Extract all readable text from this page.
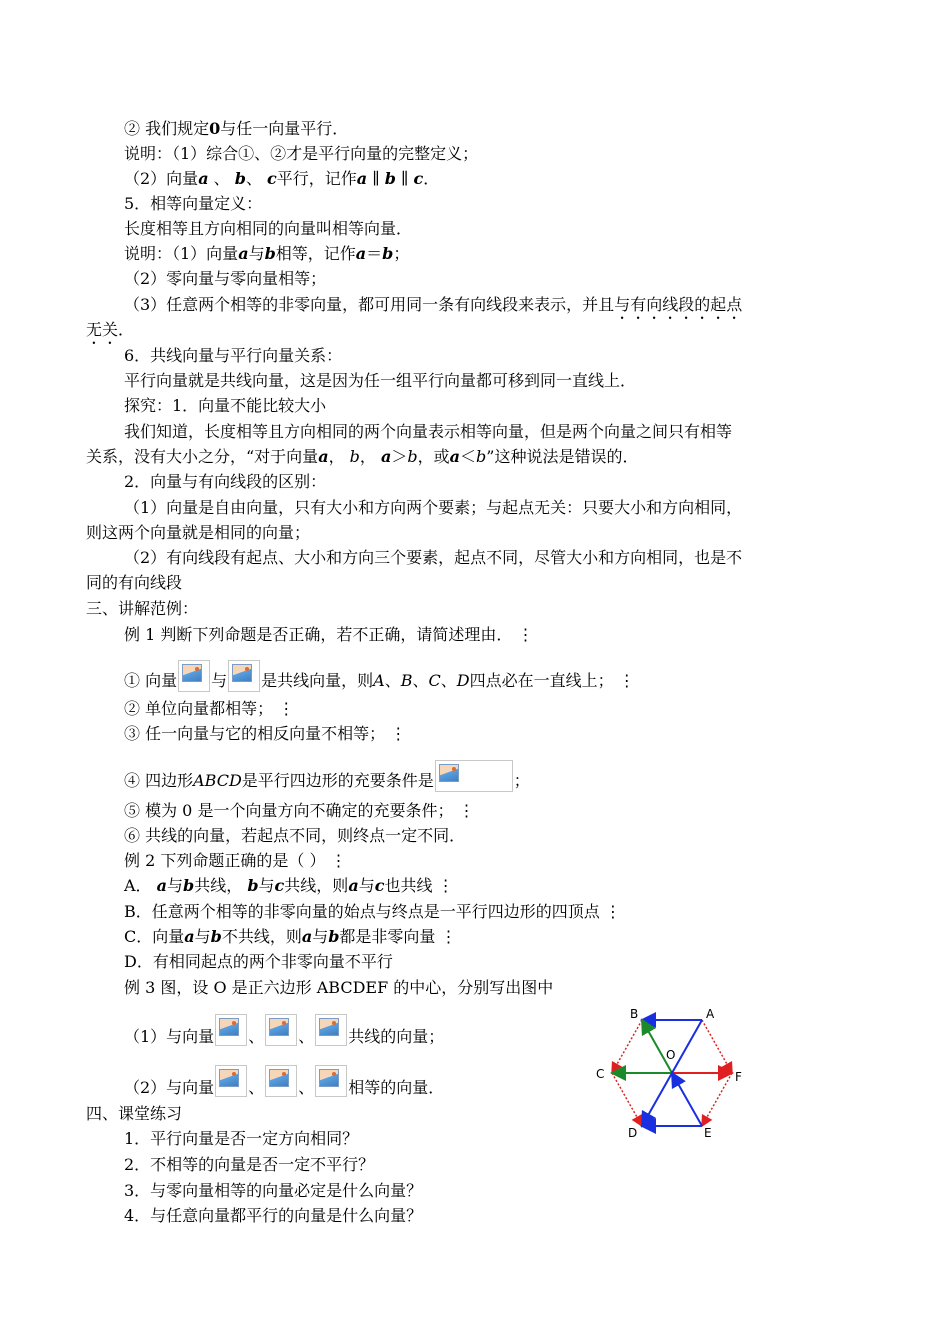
② 我们规定0与任一向量平行．
说明：（1）综合①、②才是平行向量的完整定义；
（2）向量a 、 b、 c平行，记作a ∥ b ∥ c．
5．相等向量定义：
长度相等且方向相同的向量叫相等向量．
说明：（1）向量a与b相等，记作a＝b；
（2）零向量与零向量相等；
（3）任意两个相等的非零向量，都可用同一条有向线段来表示，并且与有向线段的起点
无关．
6．共线向量与平行向量关系：
平行向量就是共线向量，这是因为任一组平行向量都可移到同一直线上．
探究：1．向量不能比较大小
我们知道，长度相等且方向相同的两个向量表示相等向量，但是两个向量之间只有相等
关系，没有大小之分，“对于向量a， b， a＞b，或a＜b”这种说法是错误的．
2．向量与有向线段的区别：
（1）向量是自由向量，只有大小和方向两个要素；与起点无关：只要大小和方向相同，
则这两个向量就是相同的向量；
（2）有向线段有起点、大小和方向三个要素，起点不同，尽管大小和方向相同，也是不
同的有向线段
三、讲解范例：
例 1 判断下列命题是否正确，若不正确，请简述理由． ⋮
① 向量 与 是共线向量，则A、B、C、D四点必在一直线上； ⋮
② 单位向量都相等； ⋮
③ 任一向量与它的相反向量不相等； ⋮
④ 四边形ABCD是平行四边形的充要条件是	；
⑤ 模为 0 是一个向量方向不确定的充要条件； ⋮
⑥ 共线的向量，若起点不同，则终点一定不同．
例 2 下列命题正确的是（ ） ⋮
A． a与b共线， b与c共线，则a与c也共线 ⋮
B．任意两个相等的非零向量的始点与终点是一平行四边形的四顶点 ⋮
C．向量a与b不共线，则a与b都是非零向量 ⋮
D．有相同起点的两个非零向量不平行
例 3 图，设 O 是正六边形 ABCDEF 的中心，分别写出图中
（1）与向量 、 、 共线的向量；
（2）与向量 、 、 相等的向量．
四、课堂练习
1．平行向量是否一定方向相同？
2．不相等的向量是否一定不平行？
3．与零向量相等的向量必定是什么向量？
4．与任意向量都平行的向量是什么向量？
B	A
C	F
D	E
O
